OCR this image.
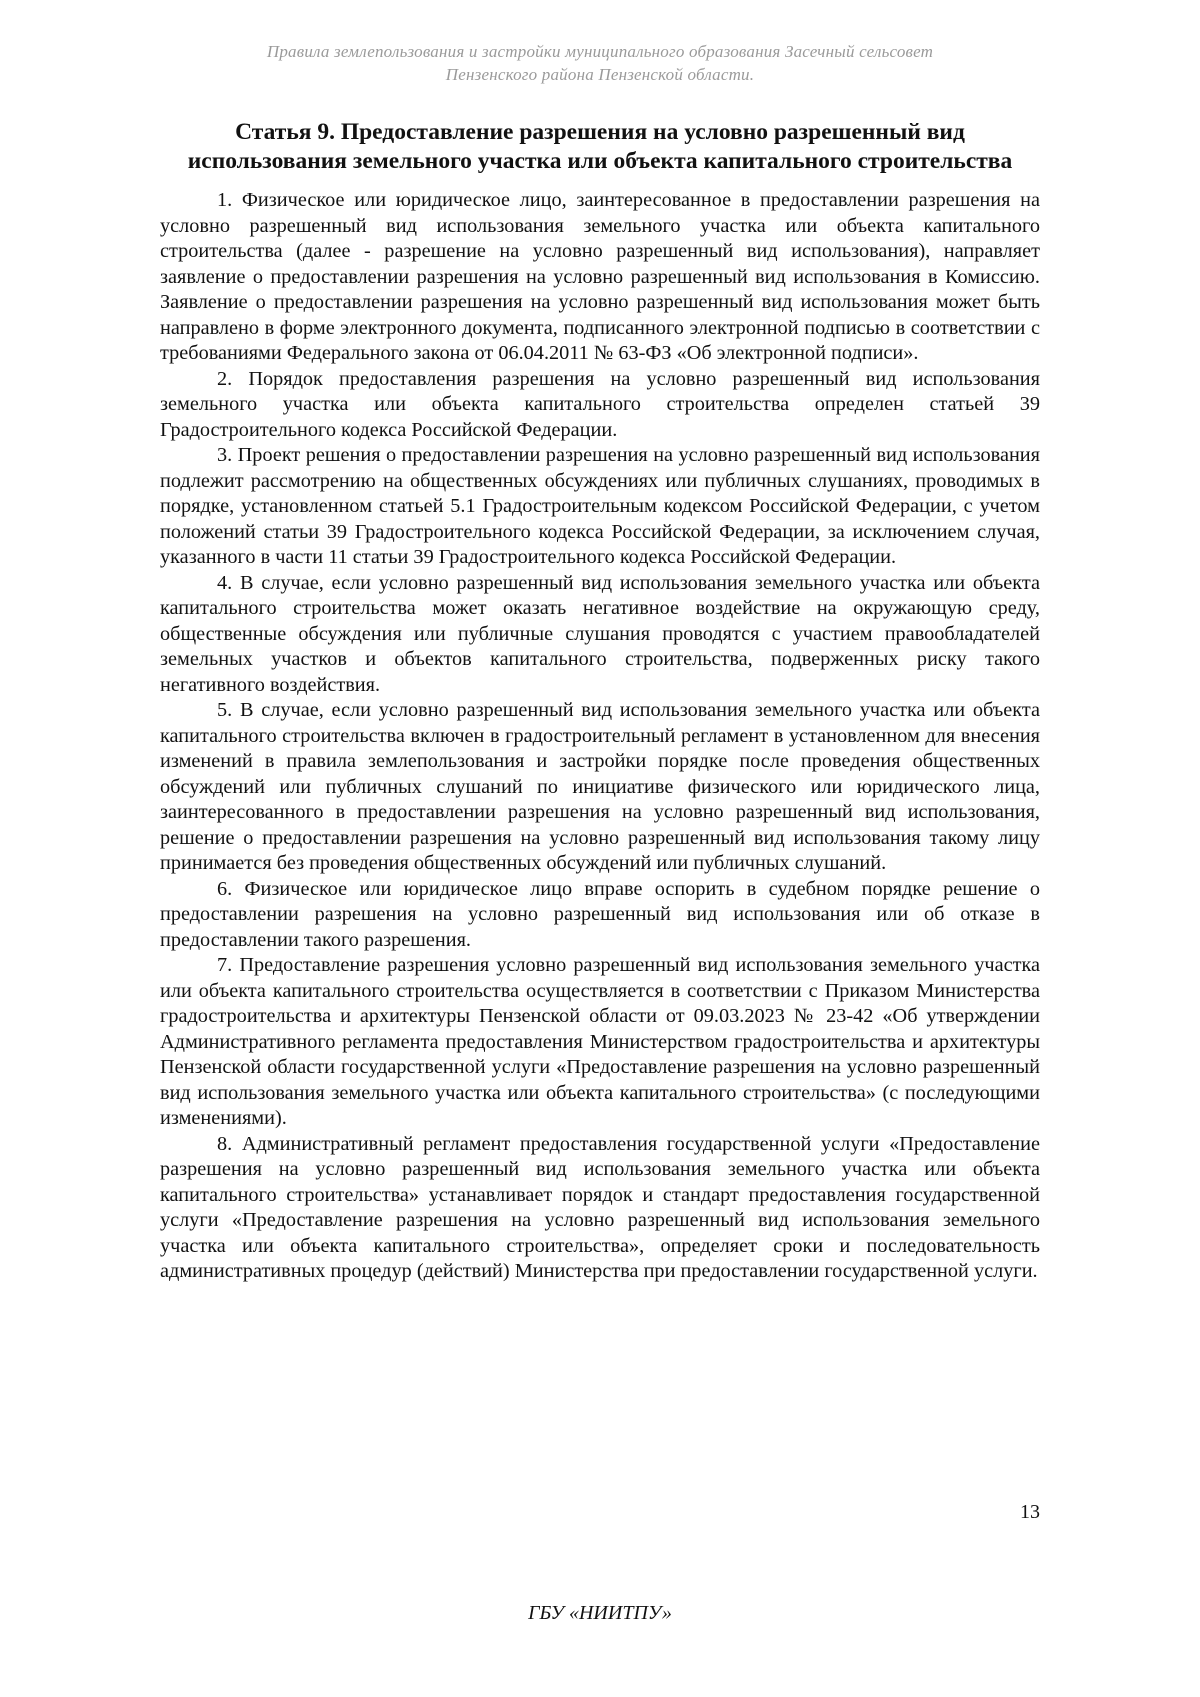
Правила землепользования и застройки муниципального образования Засечный сельсовет
Пензенского района Пензенской области.
Статья 9. Предоставление разрешения на условно разрешенный вид
использования земельного участка или объекта капитального строительства

1. Физическое или юридическое лицо, заинтересованное в предоставлении разрешения на условно разрешенный вид использования земельного участка или объекта капитального строительства (далее - разрешение на условно разрешенный вид использования), направляет заявление о предоставлении разрешения на условно разрешенный вид использования в Комиссию. Заявление о предоставлении разрешения на условно разрешенный вид использования может быть направлено в форме электронного документа, подписанного электронной подписью в соответствии с требованиями Федерального закона от 06.04.2011 № 63-ФЗ «Об электронной подписи».

2. Порядок предоставления разрешения на условно разрешенный вид использования земельного участка или объекта капитального строительства определен статьей 39 Градостроительного кодекса Российской Федерации.

3. Проект решения о предоставлении разрешения на условно разрешенный вид использования подлежит рассмотрению на общественных обсуждениях или публичных слушаниях, проводимых в порядке, установленном статьей 5.1 Градостроительным кодексом Российской Федерации, с учетом положений статьи 39 Градостроительного кодекса Российской Федерации, за исключением случая, указанного в части 11 статьи 39 Градостроительного кодекса Российской Федерации.

4. В случае, если условно разрешенный вид использования земельного участка или объекта капитального строительства может оказать негативное воздействие на окружающую среду, общественные обсуждения или публичные слушания проводятся с участием правообладателей земельных участков и объектов капитального строительства, подверженных риску такого негативного воздействия.

5. В случае, если условно разрешенный вид использования земельного участка или объекта капитального строительства включен в градостроительный регламент в установленном для внесения изменений в правила землепользования и застройки порядке после проведения общественных обсуждений или публичных слушаний по инициативе физического или юридического лица, заинтересованного в предоставлении разрешения на условно разрешенный вид использования, решение о предоставлении разрешения на условно разрешенный вид использования такому лицу принимается без проведения общественных обсуждений или публичных слушаний.

6. Физическое или юридическое лицо вправе оспорить в судебном порядке решение о предоставлении разрешения на условно разрешенный вид использования или об отказе в предоставлении такого разрешения.

7. Предоставление разрешения условно разрешенный вид использования земельного участка или объекта капитального строительства осуществляется в соответствии с Приказом Министерства градостроительства и архитектуры Пензенской области от 09.03.2023 № 23-42 «Об утверждении Административного регламента предоставления Министерством градостроительства и архитектуры Пензенской области государственной услуги «Предоставление разрешения на условно разрешенный вид использования земельного участка или объекта капитального строительства» (с последующими изменениями).

8. Административный регламент предоставления государственной услуги «Предоставление разрешения на условно разрешенный вид использования земельного участка или объекта капитального строительства» устанавливает порядок и стандарт предоставления государственной услуги «Предоставление разрешения на условно разрешенный вид использования земельного участка или объекта капитального строительства», определяет сроки и последовательность административных процедур (действий) Министерства при предоставлении государственной услуги.

13
ГБУ «НИИТПУ»
